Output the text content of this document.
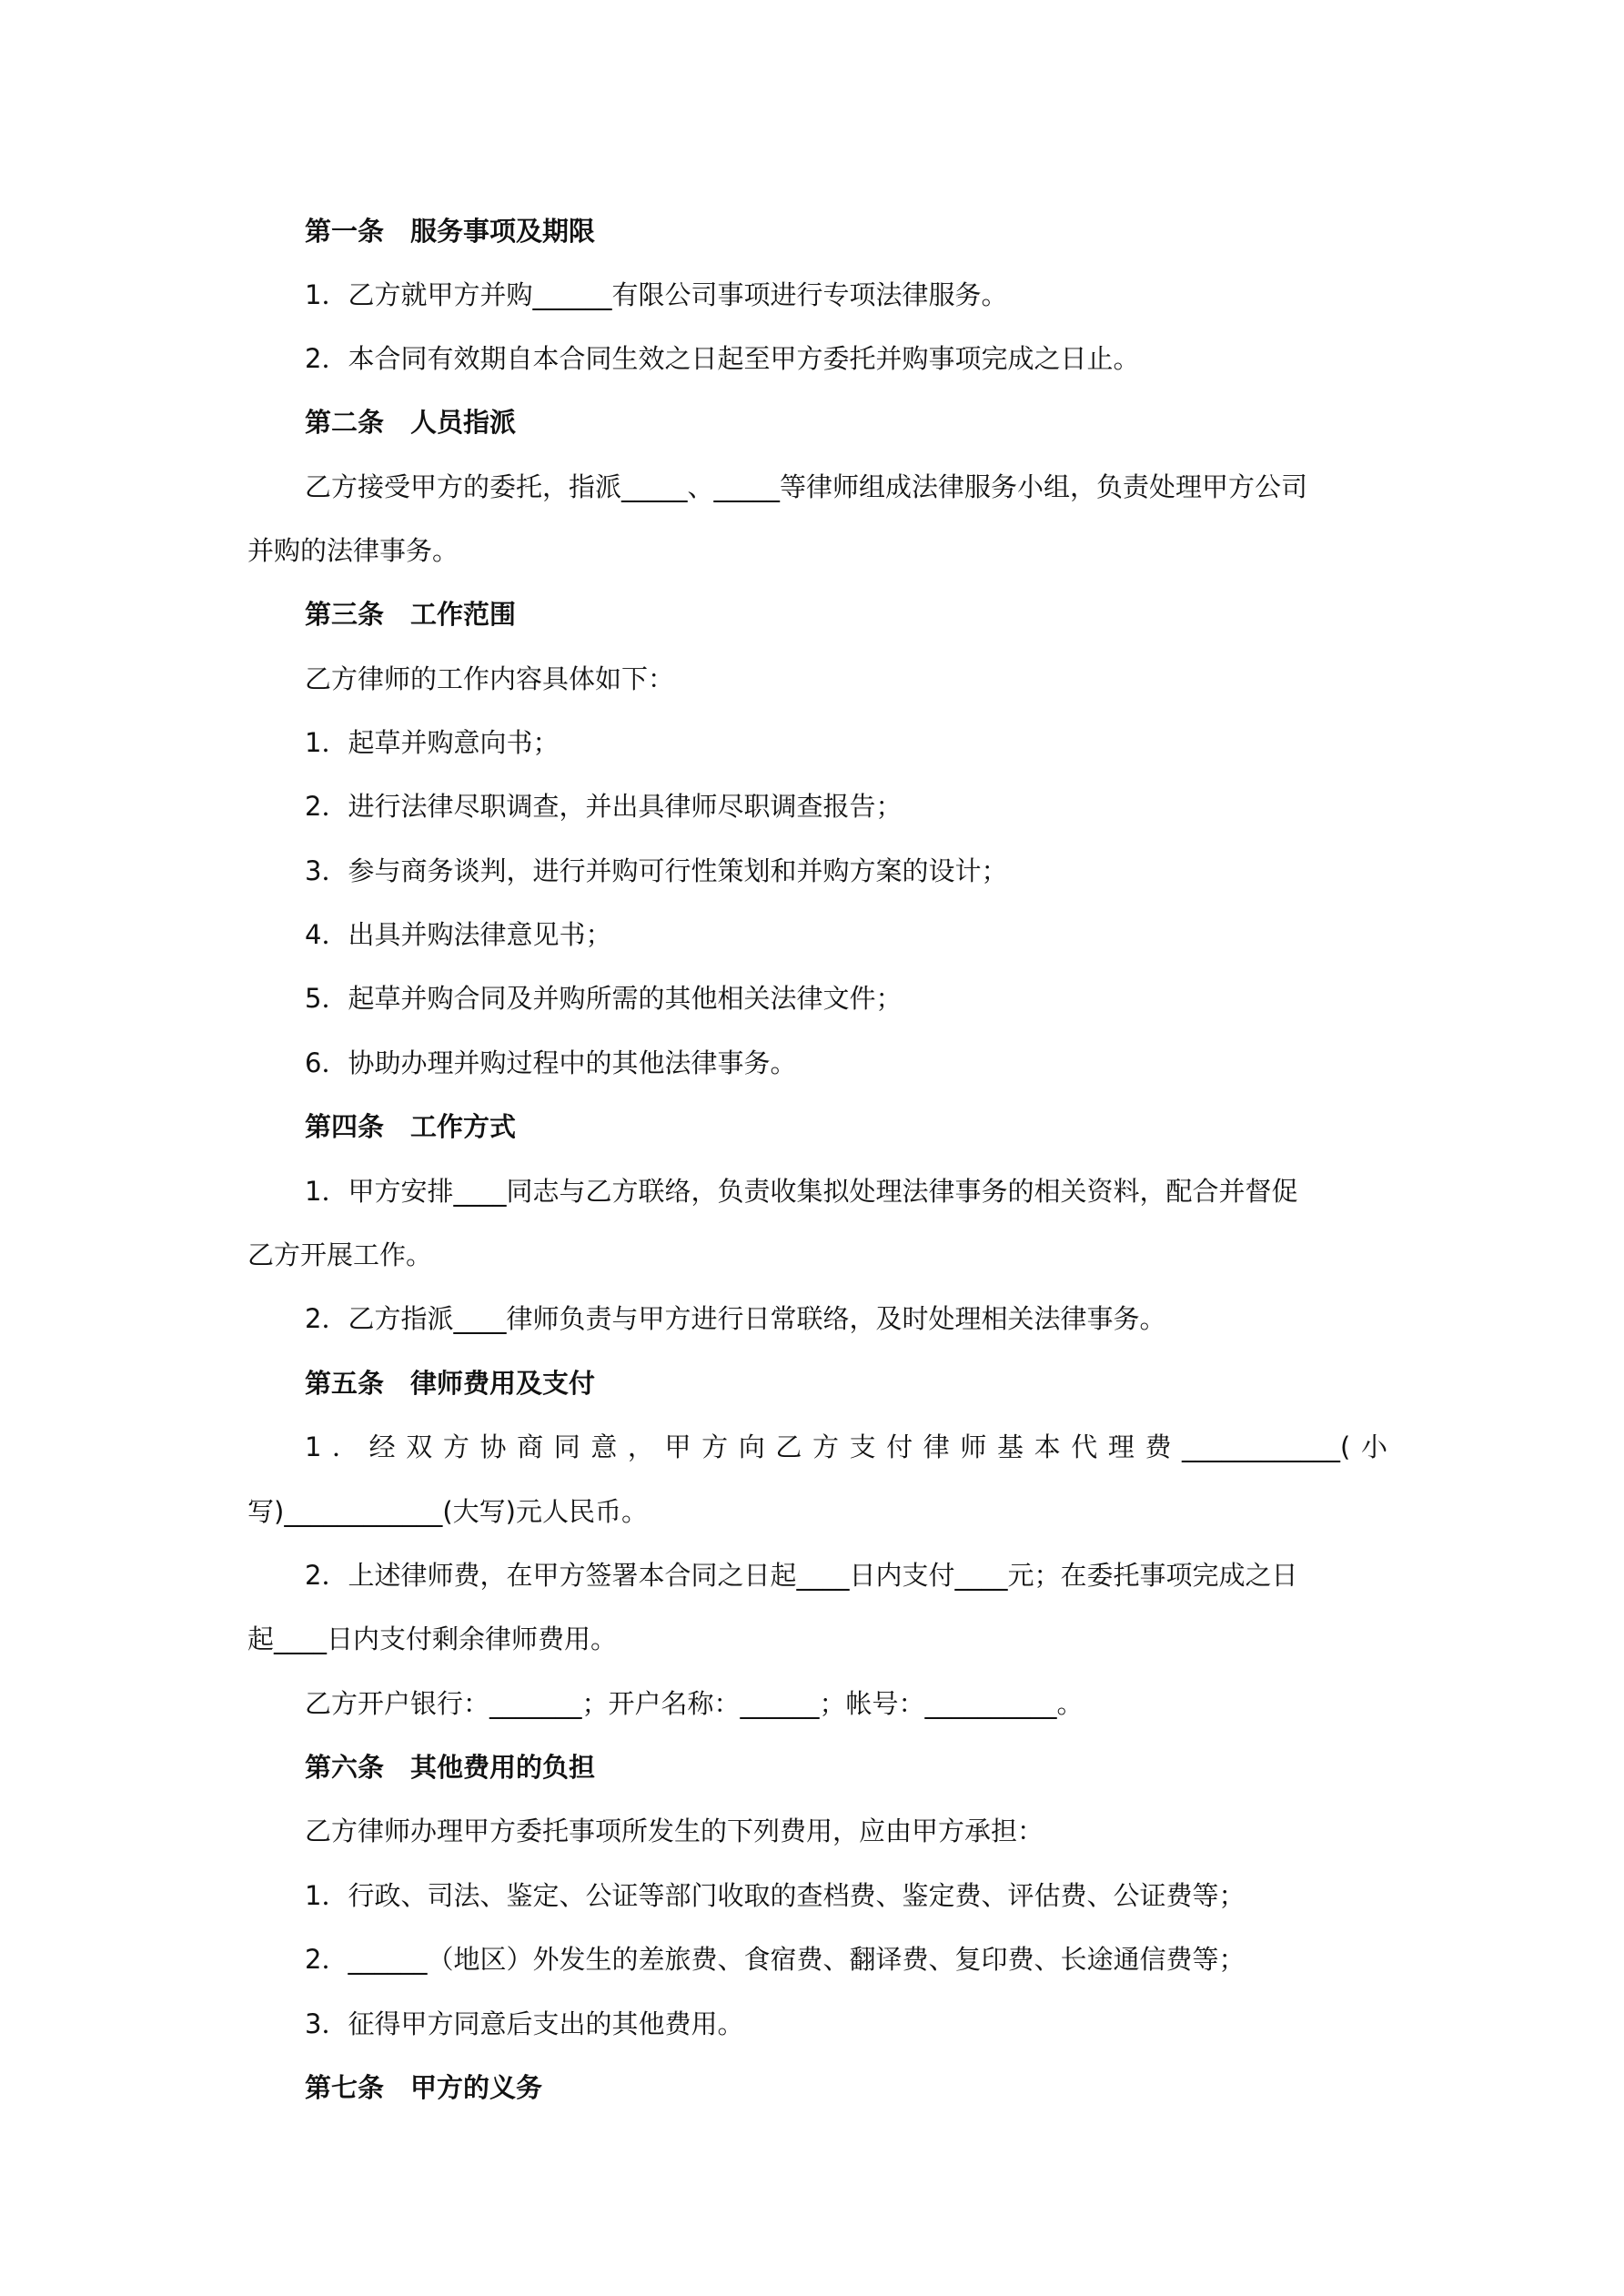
第一条　服务事项及期限
1．乙方就甲方并购______有限公司事项进行专项法律服务。
2．本合同有效期自本合同生效之日起至甲方委托并购事项完成之日止。
第二条　人员指派
乙方接受甲方的委托，指派_____、_____等律师组成法律服务小组，负责处理甲方公司
并购的法律事务。
第三条　工作范围
乙方律师的工作内容具体如下：
1．起草并购意向书；
2．进行法律尽职调查，并出具律师尽职调查报告；
3．参与商务谈判，进行并购可行性策划和并购方案的设计；
4．出具并购法律意见书；
5．起草并购合同及并购所需的其他相关法律文件；
6．协助办理并购过程中的其他法律事务。
第四条　工作方式
1．甲方安排____同志与乙方联络，负责收集拟处理法律事务的相关资料，配合并督促
乙方开展工作。
2．乙方指派____律师负责与甲方进行日常联络，及时处理相关法律事务。
第五条　律师费用及支付
1．经双方协商同意，甲方向乙方支付律师基本代理费____________(小
写)____________(大写)元人民币。
2．上述律师费，在甲方签署本合同之日起____日内支付____元；在委托事项完成之日
起____日内支付剩余律师费用。
乙方开户银行：_______；开户名称：______；帐号：__________。
第六条　其他费用的负担
乙方律师办理甲方委托事项所发生的下列费用，应由甲方承担：
1．行政、司法、鉴定、公证等部门收取的查档费、鉴定费、评估费、公证费等；
2．______（地区）外发生的差旅费、食宿费、翻译费、复印费、长途通信费等；
3．征得甲方同意后支出的其他费用。
第七条　甲方的义务
